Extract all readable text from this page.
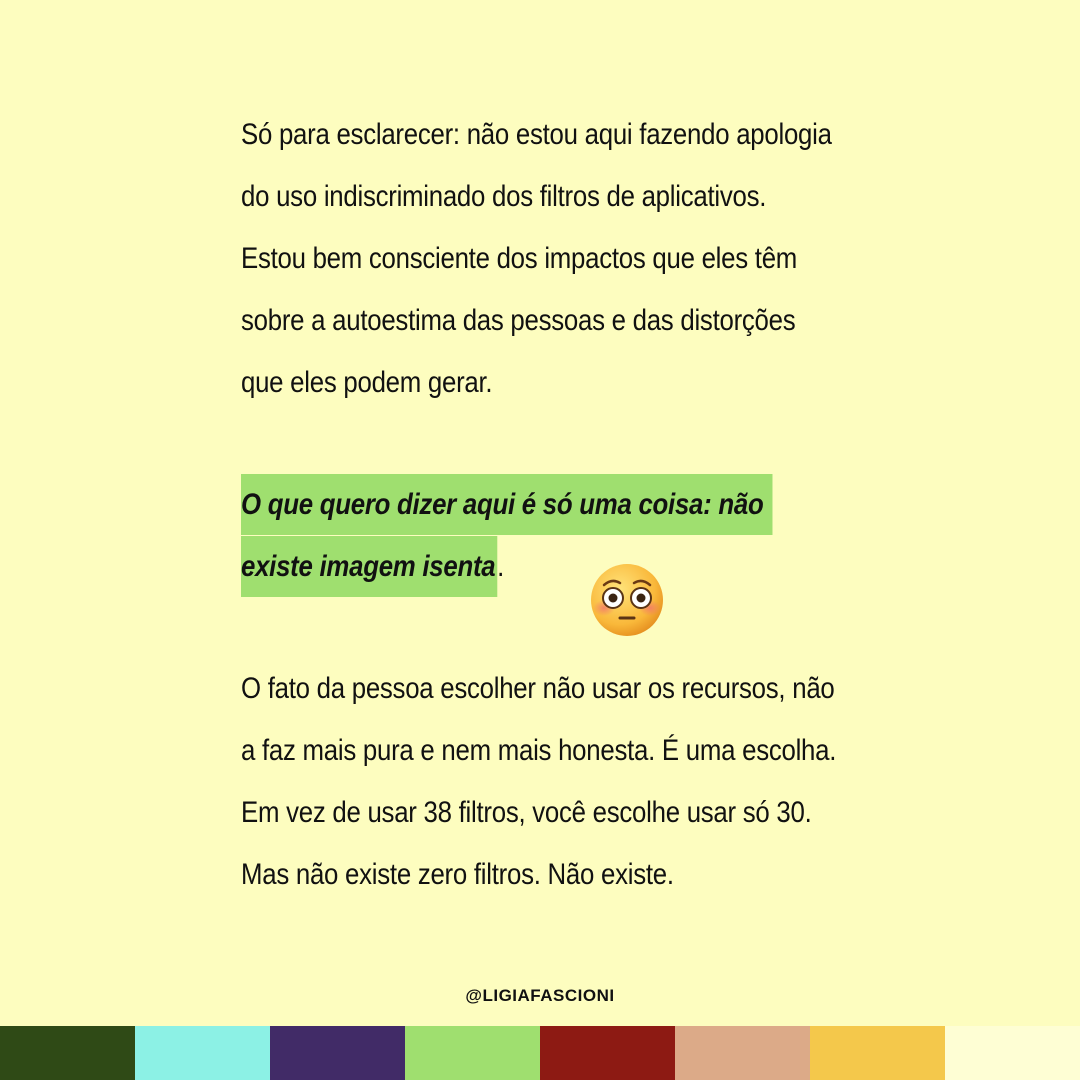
Só para esclarecer: não estou aqui fazendo apologia
do uso indiscriminado dos filtros de aplicativos.
Estou bem consciente dos impactos que eles têm
sobre a autoestima das pessoas e das distorções
que eles podem gerar.
O que quero dizer aqui é só uma coisa: não
existe imagem isenta.
O fato da pessoa escolher não usar os recursos, não
a faz mais pura e nem mais honesta. É uma escolha.
Em vez de usar 38 filtros, você escolhe usar só 30.
Mas não existe zero filtros. Não existe.
@LIGIAFASCIONI
